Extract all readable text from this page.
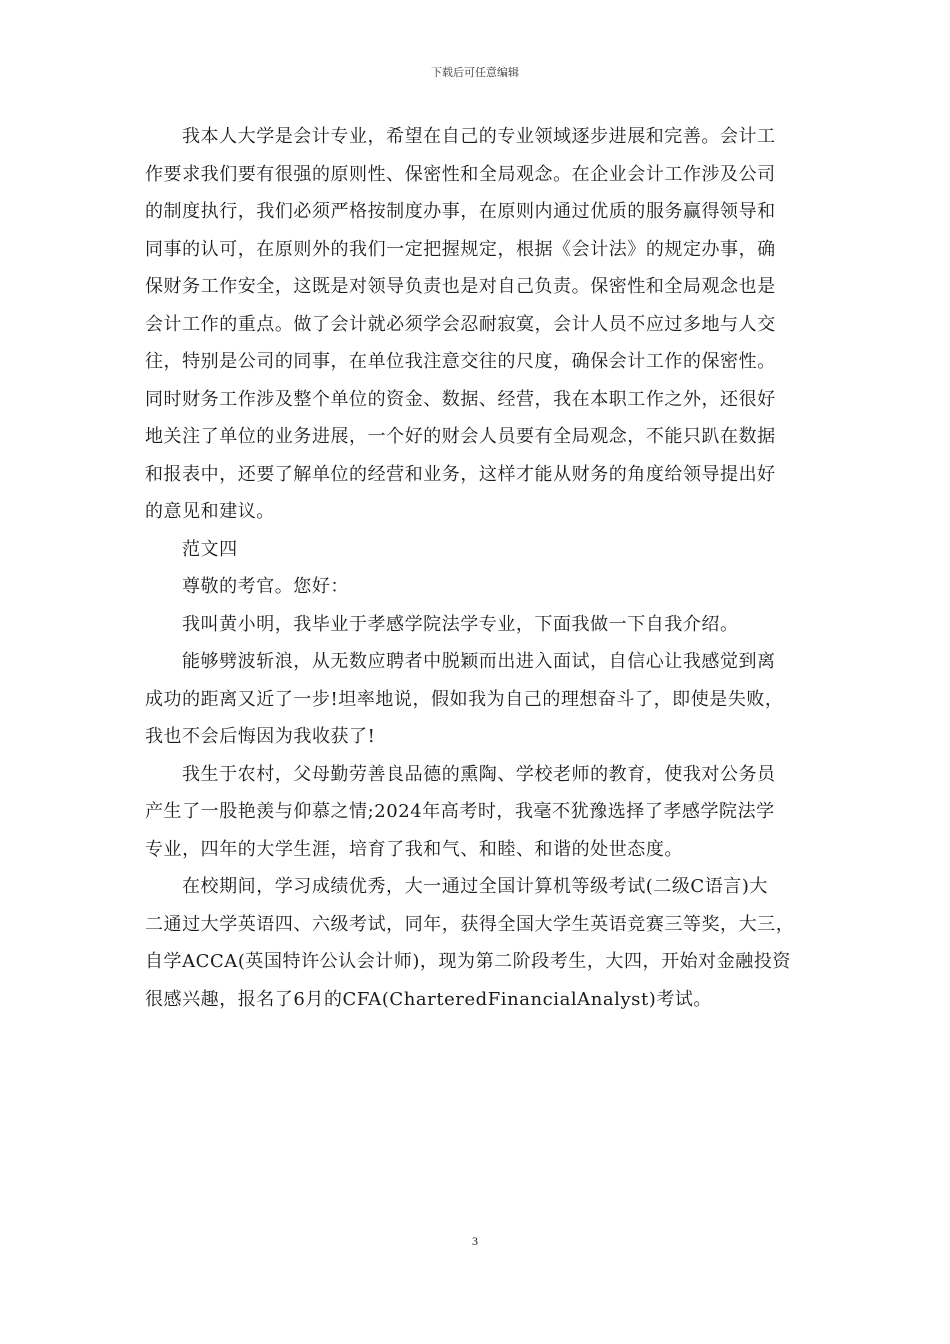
下载后可任意编辑
我本人大学是会计专业，希望在自己的专业领域逐步进展和完善。会计工
作要求我们要有很强的原则性、保密性和全局观念。在企业会计工作涉及公司
的制度执行，我们必须严格按制度办事，在原则内通过优质的服务赢得领导和
同事的认可，在原则外的我们一定把握规定，根据《会计法》的规定办事，确
保财务工作安全，这既是对领导负责也是对自己负责。保密性和全局观念也是
会计工作的重点。做了会计就必须学会忍耐寂寞，会计人员不应过多地与人交
往，特别是公司的同事，在单位我注意交往的尺度，确保会计工作的保密性。
同时财务工作涉及整个单位的资金、数据、经营，我在本职工作之外，还很好
地关注了单位的业务进展，一个好的财会人员要有全局观念，不能只趴在数据
和报表中，还要了解单位的经营和业务，这样才能从财务的角度给领导提出好
的意见和建议。
范文四
尊敬的考官。您好：
我叫黄小明，我毕业于孝感学院法学专业，下面我做一下自我介绍。
能够劈波斩浪，从无数应聘者中脱颖而出进入面试，自信心让我感觉到离
成功的距离又近了一步!坦率地说，假如我为自己的理想奋斗了，即使是失败，
我也不会后悔因为我收获了!
我生于农村，父母勤劳善良品德的熏陶、学校老师的教育，使我对公务员
产生了一股艳羡与仰慕之情;2024年高考时，我毫不犹豫选择了孝感学院法学
专业，四年的大学生涯，培育了我和气、和睦、和谐的处世态度。
在校期间，学习成绩优秀，大一通过全国计算机等级考试(二级C语言)大
二通过大学英语四、六级考试，同年，获得全国大学生英语竞赛三等奖，大三，
自学ACCA(英国特许公认会计师)，现为第二阶段考生，大四，开始对金融投资
很感兴趣，报名了6月的CFA(CharteredFinancialAnalyst)考试。
3
